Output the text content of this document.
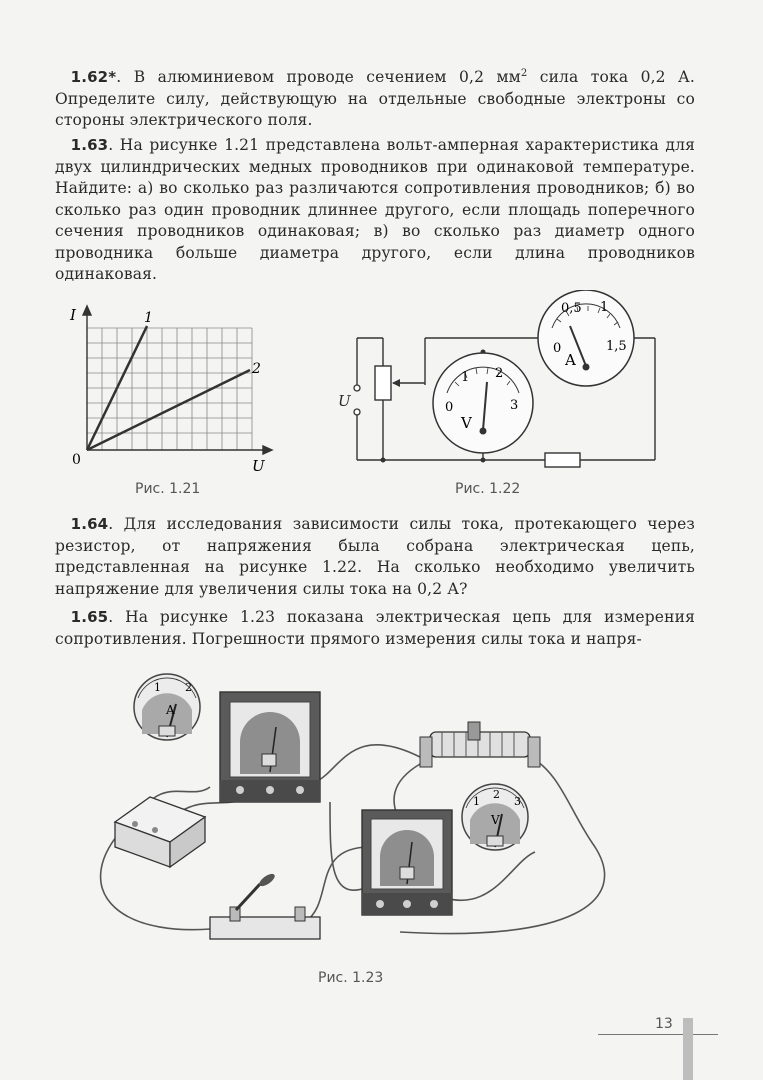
 1.62*. В алюминиевом проводе сечением 0,2 $мм^2$ сила тока 0,2 А. Определите силу, действующую на отдельные свободные электроны со стороны электрического поля.
 1.63. На рисунке 1.21 представлена вольт-амперная характеристика для двух цилиндрических медных проводников при одинаковой температуре. Найдите: а) во сколько раз различаются сопротивления проводников; б) во сколько раз один проводник длиннее другого, если площадь поперечного сечения проводников одинаковая; в) во сколько раз диаметр одного проводника больше диаметра другого, если длина проводников одинаковая.
I
U
0
1
2
Рис. 1.21
U	0
1 2
3
V
0
0,5 1
1,5
A
Рис. 1.22
 1.64. Для исследования зависимости силы тока, протекающего через резистор, от напряжения была собрана электрическая цепь, представленная на рисунке 1.22. На сколько необходимо увеличить напряжение для увеличения силы тока на 0,2 А?
 1.65. На рисунке 1.23 показана электрическая цепь для измерения сопротивления. Погрешности прямого измерения силы тока и напря-
1 2
A
1
2
3
V
Рис. 1.23
13
